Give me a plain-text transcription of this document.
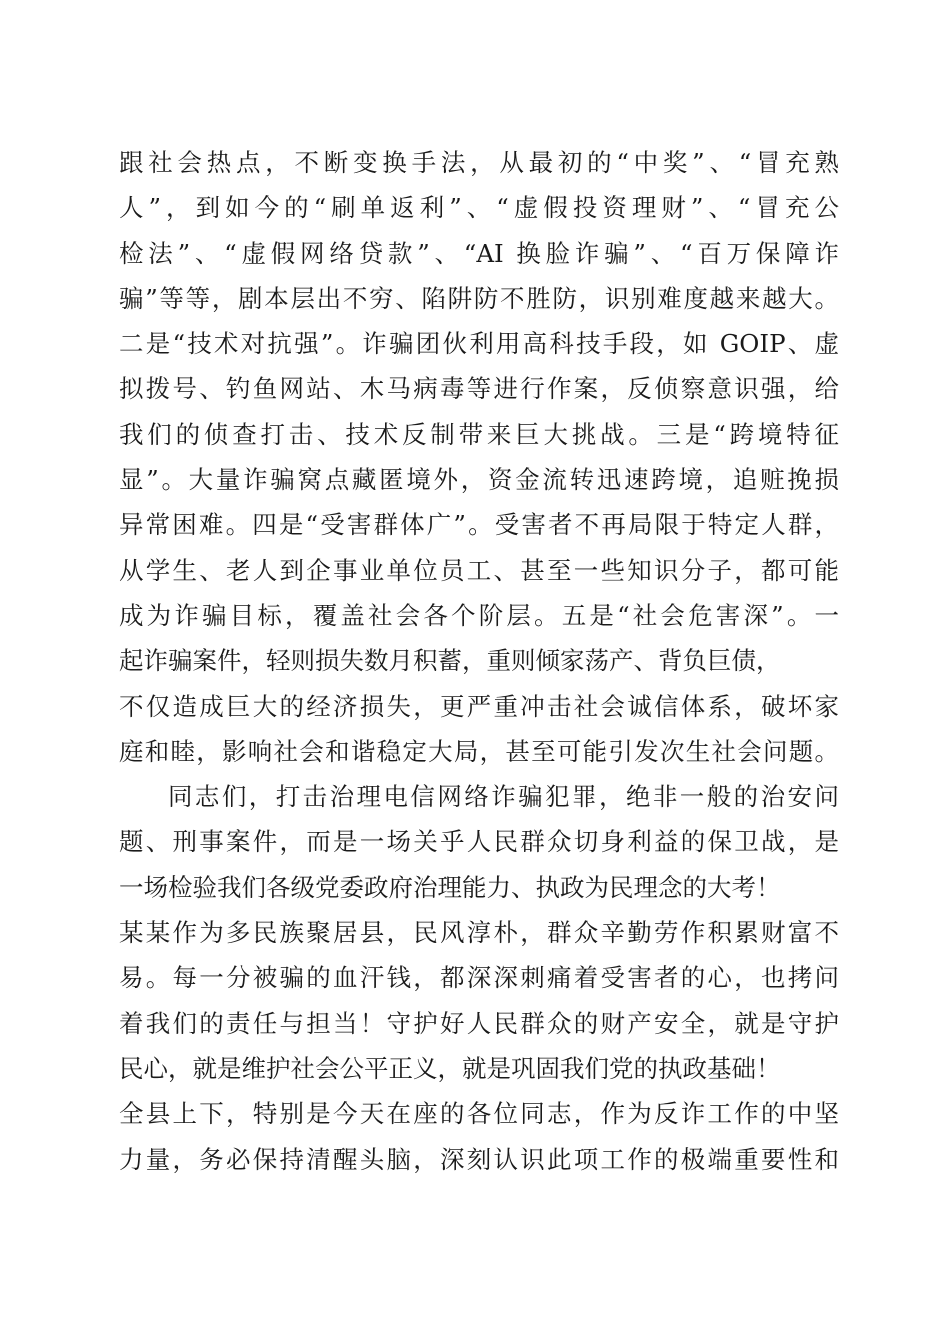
跟社会热点，不断变换手法，从最初的“中奖”、“冒充熟
人”，到如今的“刷单返利”、“虚假投资理财”、“冒充公
检法”、“虚假网络贷款”、“AI 换脸诈骗”、“百万保障诈
骗”等等，剧本层出不穷、陷阱防不胜防，识别难度越来越大。
二是“技术对抗强”。诈骗团伙利用高科技手段，如 GOIP、虚
拟拨号、钓鱼网站、木马病毒等进行作案，反侦察意识强，给
我们的侦查打击、技术反制带来巨大挑战。三是“跨境特征
显”。大量诈骗窝点藏匿境外，资金流转迅速跨境，追赃挽损
异常困难。四是“受害群体广”。受害者不再局限于特定人群，
从学生、老人到企事业单位员工、甚至一些知识分子，都可能
成为诈骗目标，覆盖社会各个阶层。五是“社会危害深”。一
起诈骗案件，轻则损失数月积蓄，重则倾家荡产、背负巨债，
不仅造成巨大的经济损失，更严重冲击社会诚信体系，破坏家
庭和睦，影响社会和谐稳定大局，甚至可能引发次生社会问题。
同志们，打击治理电信网络诈骗犯罪，绝非一般的治安问
题、刑事案件，而是一场关乎人民群众切身利益的保卫战，是
一场检验我们各级党委政府治理能力、执政为民理念的大考！
某某作为多民族聚居县，民风淳朴，群众辛勤劳作积累财富不
易。每一分被骗的血汗钱，都深深刺痛着受害者的心，也拷问
着我们的责任与担当！守护好人民群众的财产安全，就是守护
民心，就是维护社会公平正义，就是巩固我们党的执政基础！
全县上下，特别是今天在座的各位同志，作为反诈工作的中坚
力量，务必保持清醒头脑，深刻认识此项工作的极端重要性和
